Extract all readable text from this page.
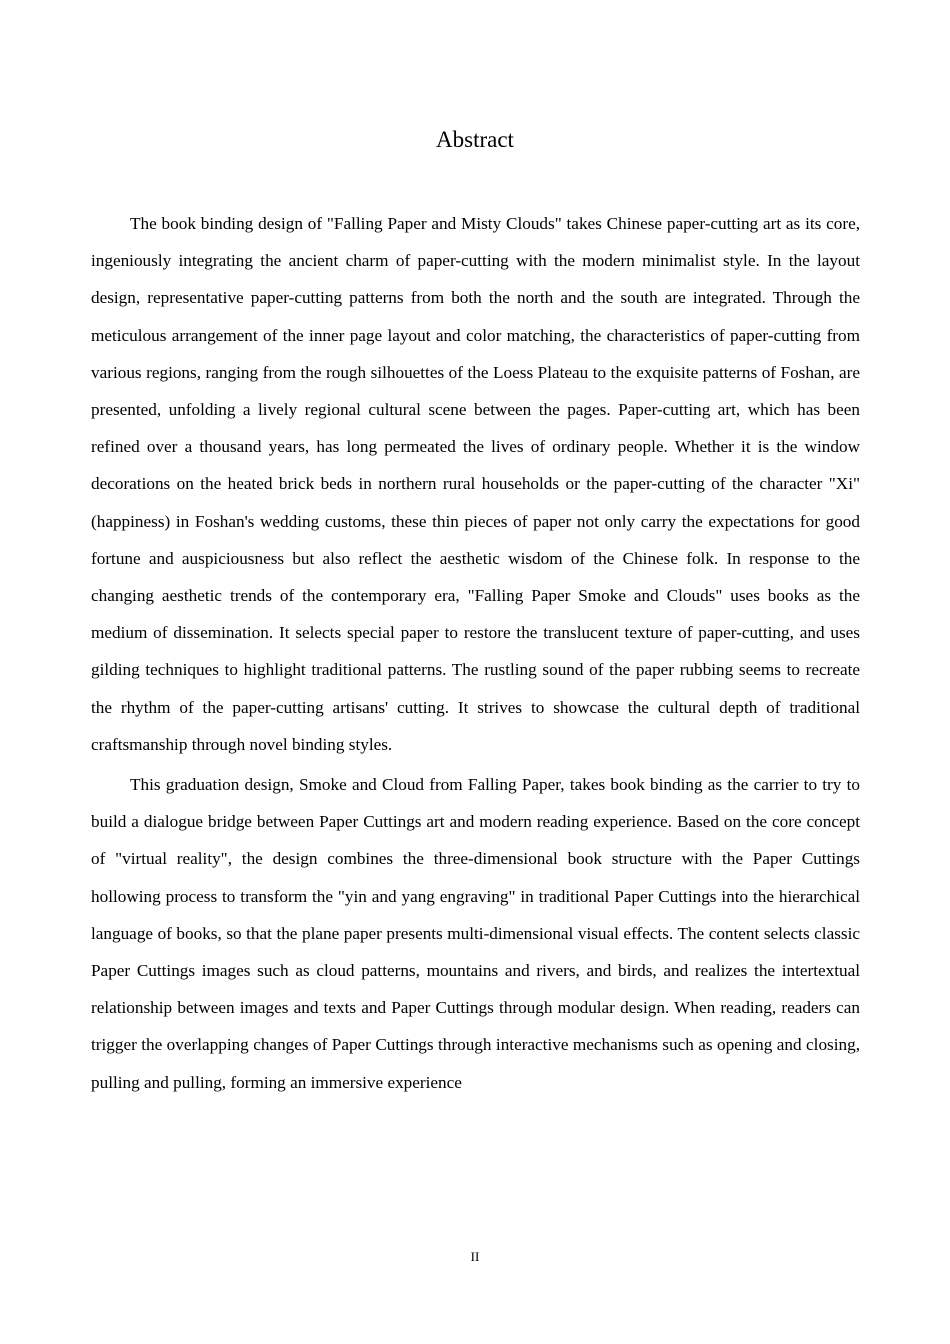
Abstract

The book binding design of "Falling Paper and Misty Clouds" takes Chinese paper-cutting art as its core, ingeniously integrating the ancient charm of paper-cutting with the modern minimalist style. In the layout design, representative paper-cutting patterns from both the north and the south are integrated. Through the meticulous arrangement of the inner page layout and color matching, the characteristics of paper-cutting from various regions, ranging from the rough silhouettes of the Loess Plateau to the exquisite patterns of Foshan, are presented, unfolding a lively regional cultural scene between the pages. Paper-cutting art, which has been refined over a thousand years, has long permeated the lives of ordinary people. Whether it is the window decorations on the heated brick beds in northern rural households or the paper-cutting of the character "Xi" (happiness) in Foshan's wedding customs, these thin pieces of paper not only carry the expectations for good fortune and auspiciousness but also reflect the aesthetic wisdom of the Chinese folk. In response to the changing aesthetic trends of the contemporary era, "Falling Paper Smoke and Clouds" uses books as the medium of dissemination. It selects special paper to restore the translucent texture of paper-cutting, and uses gilding techniques to highlight traditional patterns. The rustling sound of the paper rubbing seems to recreate the rhythm of the paper-cutting artisans' cutting. It strives to showcase the cultural depth of traditional craftsmanship through novel binding styles.

This graduation design, Smoke and Cloud from Falling Paper, takes book binding as the carrier to try to build a dialogue bridge between Paper Cuttings art and modern reading experience. Based on the core concept of "virtual reality", the design combines the three-dimensional book structure with the Paper Cuttings hollowing process to transform the "yin and yang engraving" in traditional Paper Cuttings into the hierarchical language of books, so that the plane paper presents multi-dimensional visual effects. The content selects classic Paper Cuttings images such as cloud patterns, mountains and rivers, and birds, and realizes the intertextual relationship between images and texts and Paper Cuttings through modular design. When reading, readers can trigger the overlapping changes of Paper Cuttings through interactive mechanisms such as opening and closing, pulling and pulling, forming an immersive experience

II
